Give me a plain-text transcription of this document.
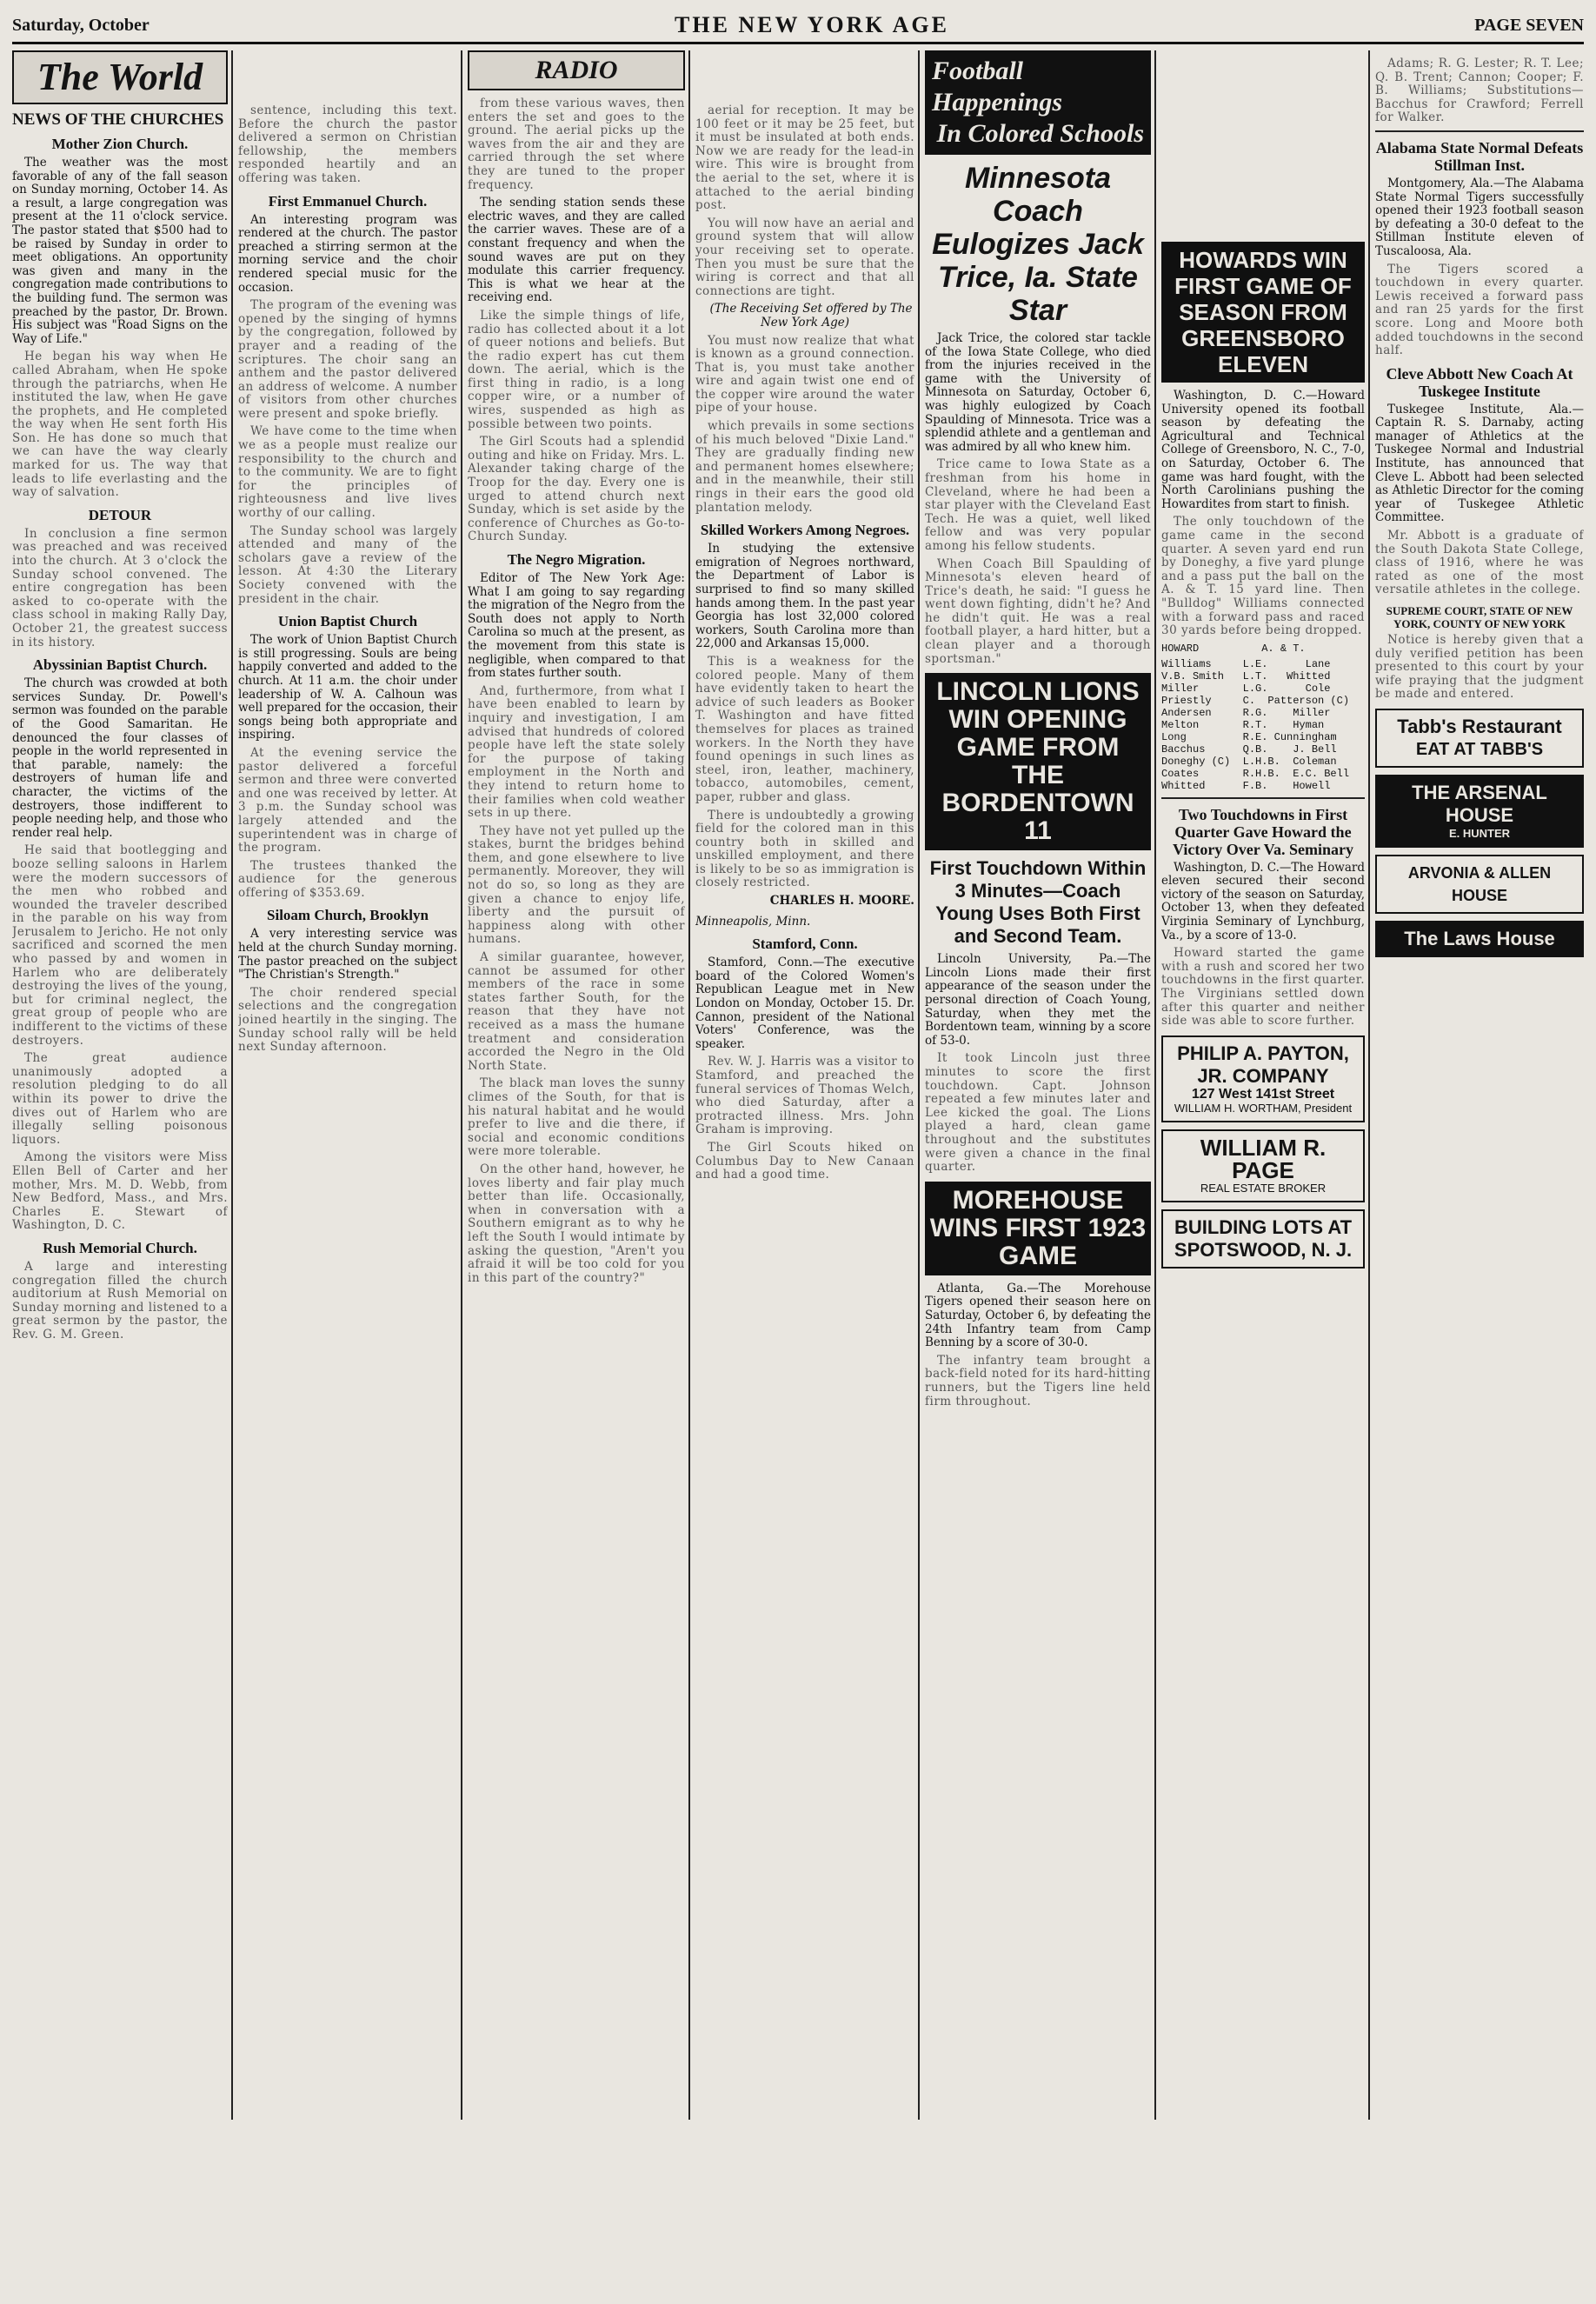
Saturday, October	THE NEW YORK AGE	PAGE SEVEN
The World
NEWS OF THE CHURCHES
Mother Zion Church.

The weather was the most favorable of any of the fall season on Sunday morning, October 14. As a result, a large congregation was present at the 11 o'clock service. The pastor stated that $500 had to be raised by Sunday in order to meet obligations. An opportunity was given and many in the congregation made contributions to the building fund. The sermon was preached by the pastor, Dr. Brown. His subject was "Road Signs on the Way of Life."

He began his way when He called Abraham, when He spoke through the patriarchs, when He instituted the law, when He gave the prophets, and He completed the way when He sent forth His Son. He has done so much that we can have the way clearly marked for us. The way that leads to life everlasting and the way of salvation.

DETOUR

In conclusion a fine sermon was preached and was received into the church. At 3 o'clock the Sunday school convened. The entire congregation has been asked to co-operate with the class school in making Rally Day, October 21, the greatest success in its history.

Abyssinian Baptist Church.

The church was crowded at both services Sunday. Dr. Powell's sermon was founded on the parable of the Good Samaritan. He denounced the four classes of people in the world represented in that parable, namely: the destroyers of human life and character, the victims of the destroyers, those indifferent to people needing help, and those who render real help.

He said that bootlegging and booze selling saloons in Harlem were the modern successors of the men who robbed and wounded the traveler described in the parable on his way from Jerusalem to Jericho. He not only sacrificed and scorned the men who passed by and women in Harlem who are deliberately destroying the lives of the young, but for criminal neglect, the great group of people who are indifferent to the victims of these destroyers.

The great audience unanimously adopted a resolution pledging to do all within its power to drive the dives out of Harlem who are illegally selling poisonous liquors.

Among the visitors were Miss Ellen Bell of Carter and her mother, Mrs. M. D. Webb, from New Bedford, Mass., and Mrs. Charles E. Stewart of Washington, D. C.

Rush Memorial Church.

A large and interesting congregation filled the church auditorium at Rush Memorial on Sunday morning and listened to a great sermon by the pastor, the Rev. G. M. Green.

sentence, including this text. Before the church the pastor delivered a sermon on Christian fellowship, the members responded heartily and an offering was taken.

First Emmanuel Church.

An interesting program was rendered at the church. The pastor preached a stirring sermon at the morning service and the choir rendered special music for the occasion.

The program of the evening was opened by the singing of hymns by the congregation, followed by prayer and a reading of the scriptures. The choir sang an anthem and the pastor delivered an address of welcome. A number of visitors from other churches were present and spoke briefly.

We have come to the time when we as a people must realize our responsibility to the church and to the community. We are to fight for the principles of righteousness and live lives worthy of our calling.

The Sunday school was largely attended and many of the scholars gave a review of the lesson. At 4:30 the Literary Society convened with the president in the chair.

Union Baptist Church

The work of Union Baptist Church is still progressing. Souls are being happily converted and added to the church. At 11 a.m. the choir under leadership of W. A. Calhoun was well prepared for the occasion, their songs being both appropriate and inspiring.

At the evening service the pastor delivered a forceful sermon and three were converted and one was received by letter. At 3 p.m. the Sunday school was largely attended and the superintendent was in charge of the program.

The trustees thanked the audience for the generous offering of $353.69.

Siloam Church, Brooklyn

A very interesting service was held at the church Sunday morning. The pastor preached on the subject "The Christian's Strength."

The choir rendered special selections and the congregation joined heartily in the singing. The Sunday school rally will be held next Sunday afternoon.

RADIO

from these various waves, then enters the set and goes to the ground. The aerial picks up the waves from the air and they are carried through the set where they are tuned to the proper frequency.

The sending station sends these electric waves, and they are called the carrier waves. These are of a constant frequency and when the sound waves are put on they modulate this carrier frequency. This is what we hear at the receiving end.

Like the simple things of life, radio has collected about it a lot of queer notions and beliefs. But the radio expert has cut them down. The aerial, which is the first thing in radio, is a long copper wire, or a number of wires, suspended as high as possible between two points.

The Girl Scouts had a splendid outing and hike on Friday. Mrs. L. Alexander taking charge of the Troop for the day. Every one is urged to attend church next Sunday, which is set aside by the conference of Churches as Go-to-Church Sunday.

The Negro Migration.

Editor of The New York Age: What I am going to say regarding the migration of the Negro from the South does not apply to North Carolina so much at the present, as the movement from this state is negligible, when compared to that from states further south.

And, furthermore, from what I have been enabled to learn by inquiry and investigation, I am advised that hundreds of colored people have left the state solely for the purpose of taking employment in the North and they intend to return home to their families when cold weather sets in up there.

They have not yet pulled up the stakes, burnt the bridges behind them, and gone elsewhere to live permanently. Moreover, they will not do so, so long as they are given a chance to enjoy life, liberty and the pursuit of happiness along with other humans.

A similar guarantee, however, cannot be assumed for other members of the race in some states farther South, for the reason that they have not received as a mass the humane treatment and consideration accorded the Negro in the Old North State.

The black man loves the sunny climes of the South, for that is his natural habitat and he would prefer to live and die there, if social and economic conditions were more tolerable.

On the other hand, however, he loves liberty and fair play much better than life. Occasionally, when in conversation with a Southern emigrant as to why he left the South I would intimate by asking the question, "Aren't you afraid it will be too cold for you in this part of the country?"

aerial for reception. It may be 100 feet or it may be 25 feet, but it must be insulated at both ends. Now we are ready for the lead-in wire. This wire is brought from the aerial to the set, where it is attached to the aerial binding post.

You will now have an aerial and ground system that will allow your receiving set to operate. Then you must be sure that the wiring is correct and that all connections are tight.

(The Receiving Set offered by The New York Age)

You must now realize that what is known as a ground connection. That is, you must take another wire and again twist one end of the copper wire around the water pipe of your house.

which prevails in some sections of his much beloved "Dixie Land." They are gradually finding new and permanent homes elsewhere; and in the meanwhile, their still rings in their ears the good old plantation melody.

Skilled Workers Among Negroes.

In studying the extensive emigration of Negroes northward, the Department of Labor is surprised to find so many skilled hands among them. In the past year Georgia has lost 32,000 colored workers, South Carolina more than 22,000 and Arkansas 15,000.

This is a weakness for the colored people. Many of them have evidently taken to heart the advice of such leaders as Booker T. Washington and have fitted themselves for places as trained workers. In the North they have found openings in such lines as steel, iron, leather, machinery, tobacco, automobiles, cement, paper, rubber and glass.

There is undoubtedly a growing field for the colored man in this country both in skilled and unskilled employment, and there is likely to be so as immigration is closely restricted.

CHARLES H. MOORE.
Minneapolis, Minn.
Stamford, Conn.

Stamford, Conn.—The executive board of the Colored Women's Republican League met in New London on Monday, October 15. Dr. Cannon, president of the National Voters' Conference, was the speaker.

Rev. W. J. Harris was a visitor to Stamford, and preached the funeral services of Thomas Welch, who died Saturday, after a protracted illness. Mrs. John Graham is improving.

The Girl Scouts hiked on Columbus Day to New Canaan and had a good time.

Football Happenings
In Colored Schools
Minnesota Coach Eulogizes Jack Trice, Ia. State Star

Jack Trice, the colored star tackle of the Iowa State College, who died from the injuries received in the game with the University of Minnesota on Saturday, October 6, was highly eulogized by Coach Spaulding of Minnesota. Trice was a splendid athlete and a gentleman and was admired by all who knew him.

Trice came to Iowa State as a freshman from his home in Cleveland, where he had been a star player with the Cleveland East Tech. He was a quiet, well liked fellow and was very popular among his fellow students.

When Coach Bill Spaulding of Minnesota's eleven heard of Trice's death, he said: "I guess he went down fighting, didn't he? And he didn't quit. He was a real football player, a hard hitter, but a clean player and a thorough sportsman."

LINCOLN LIONS WIN OPENING GAME FROM THE BORDENTOWN 11
First Touchdown Within 3 Minutes—Coach Young Uses Both First and Second Team.

Lincoln University, Pa.—The Lincoln Lions made their first appearance of the season under the personal direction of Coach Young, Saturday, when they met the Bordentown team, winning by a score of 53-0.

It took Lincoln just three minutes to score the first touchdown. Capt. Johnson repeated a few minutes later and Lee kicked the goal. The Lions played a hard, clean game throughout and the substitutes were given a chance in the final quarter.

MOREHOUSE WINS FIRST 1923 GAME

Atlanta, Ga.—The Morehouse Tigers opened their season here on Saturday, October 6, by defeating the 24th Infantry team from Camp Benning by a score of 30-0.

The infantry team brought a back-field noted for its hard-hitting runners, but the Tigers line held firm throughout.

HOWARDS WIN FIRST GAME OF SEASON FROM GREENSBORO ELEVEN

Washington, D. C.—Howard University opened its football season by defeating the Agricultural and Technical College of Greensboro, N. C., 7-0, on Saturday, October 6. The game was hard fought, with the North Carolinians pushing the Howardites from start to finish.

The only touchdown of the game came in the second quarter. A seven yard end run by Doneghy, a five yard plunge and a pass put the ball on the A. & T. 15 yard line. Then "Bulldog" Williams connected with a forward pass and raced 30 yards before being dropped.

HOWARD          A. & T.
Williams     L.E.      Lane
V.B. Smith   L.T.   Whitted
Miller       L.G.      Cole
Priestly     C.  Patterson (C)
Andersen     R.G.    Miller
Melton       R.T.    Hyman
Long         R.E. Cunningham
Bacchus      Q.B.    J. Bell
Doneghy (C)  L.H.B.  Coleman
Coates       R.H.B.  E.C. Bell
Whitted      F.B.    Howell
Two Touchdowns in First Quarter Gave Howard the Victory Over Va. Seminary

Washington, D. C.—The Howard eleven secured their second victory of the season on Saturday, October 13, when they defeated Virginia Seminary of Lynchburg, Va., by a score of 13-0.

Howard started the game with a rush and scored her two touchdowns in the first quarter. The Virginians settled down after this quarter and neither side was able to score further.

PHILIP A. PAYTON, JR. COMPANY
127 West 141st Street
WILLIAM H. WORTHAM, President
WILLIAM R. PAGE
REAL ESTATE BROKER
BUILDING LOTS AT SPOTSWOOD, N. J.

Adams; R. G. Lester; R. T. Lee; Q. B. Trent; Cannon; Cooper; F. B. Williams; Substitutions—Bacchus for Crawford; Ferrell for Walker.

Alabama State Normal Defeats Stillman Inst.

Montgomery, Ala.—The Alabama State Normal Tigers successfully opened their 1923 football season by defeating a 30-0 defeat to the Stillman Institute eleven of Tuscaloosa, Ala.

The Tigers scored a touchdown in every quarter. Lewis received a forward pass and ran 25 yards for the first score. Long and Moore both added touchdowns in the second half.

Cleve Abbott New Coach At Tuskegee Institute

Tuskegee Institute, Ala.—Captain R. S. Darnaby, acting manager of Athletics at the Tuskegee Normal and Industrial Institute, has announced that Cleve L. Abbott had been selected as Athletic Director for the coming year of Tuskegee Athletic Committee.

Mr. Abbott is a graduate of the South Dakota State College, class of 1916, where he was rated as one of the most versatile athletes in the college.

SUPREME COURT, STATE OF NEW YORK, COUNTY OF NEW YORK

Notice is hereby given that a duly verified petition has been presented to this court by your wife praying that the judgment be made and entered.

Tabb's Restaurant
EAT AT TABB'S
THE ARSENAL HOUSE
E. HUNTER
ARVONIA & ALLEN HOUSE
The Laws House
